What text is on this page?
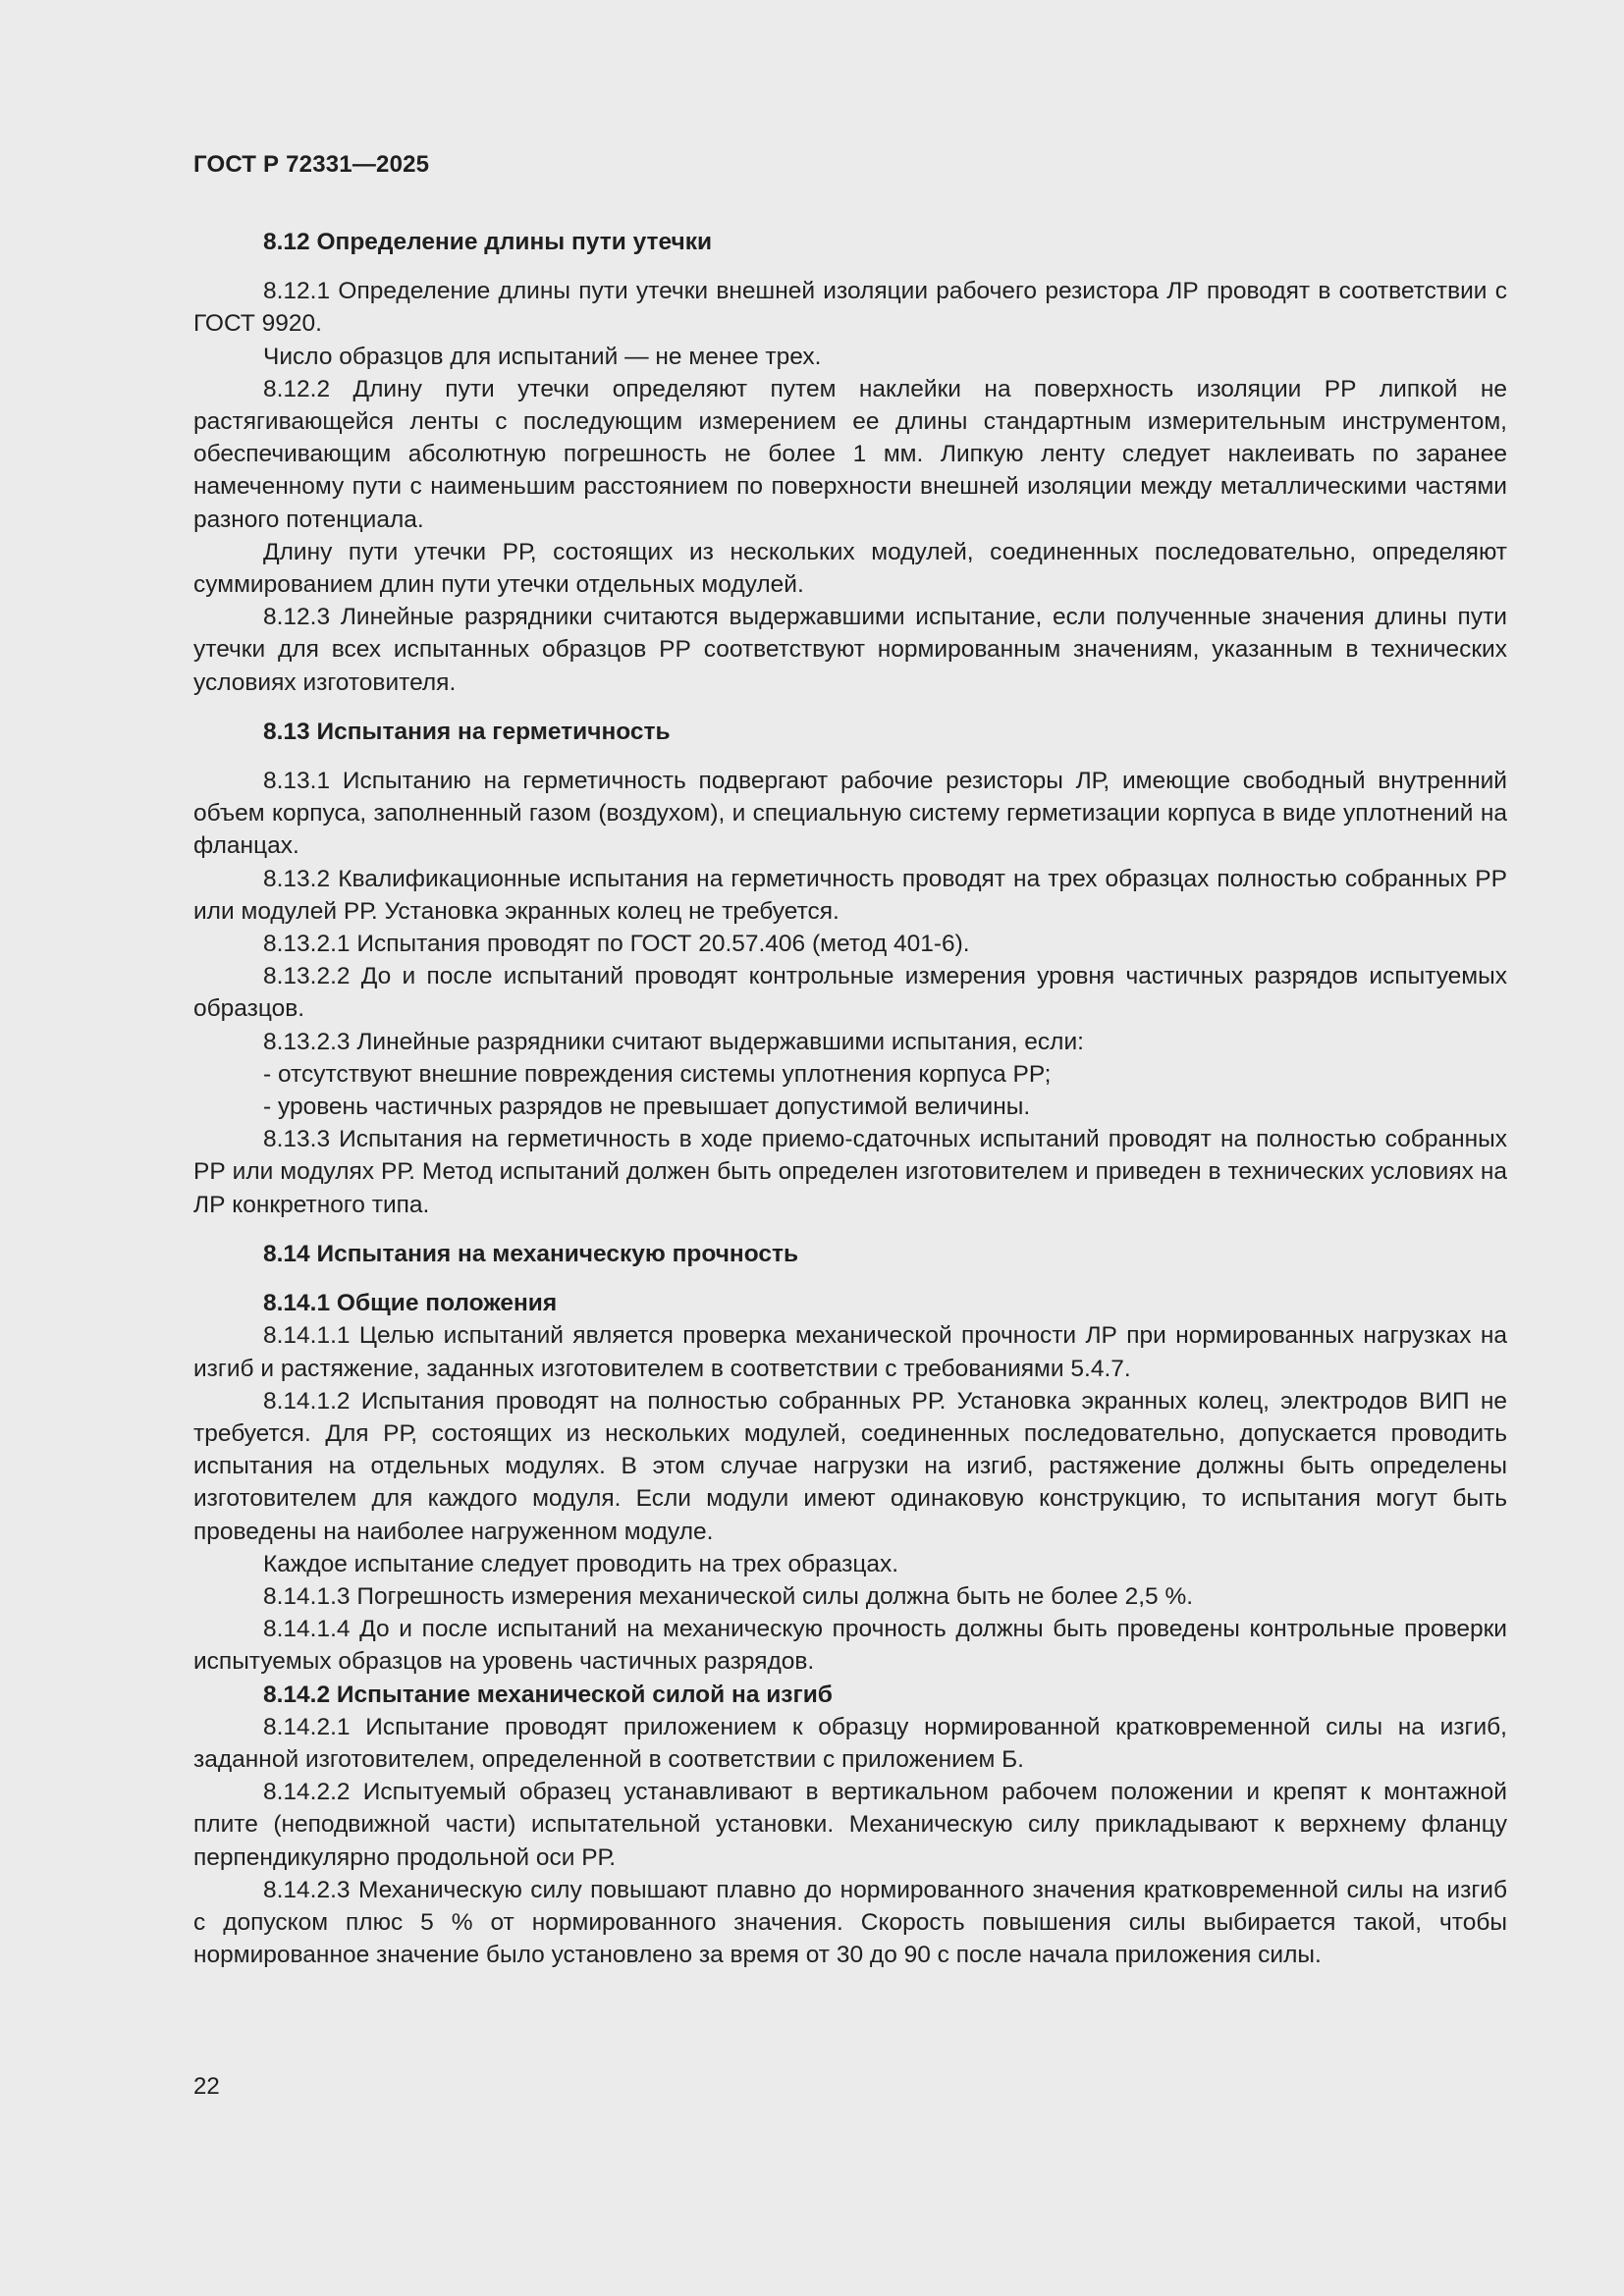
ГОСТ Р 72331—2025
8.12 Определение длины пути утечки

8.12.1 Определение длины пути утечки внешней изоляции рабочего резистора ЛР проводят в соответствии с ГОСТ 9920.

Число образцов для испытаний — не менее трех.

8.12.2 Длину пути утечки определяют путем наклейки на поверхность изоляции РР липкой не растягивающейся ленты с последующим измерением ее длины стандартным измерительным инструментом, обеспечивающим абсолютную погрешность не более 1 мм. Липкую ленту следует наклеивать по заранее намеченному пути с наименьшим расстоянием по поверхности внешней изоляции между металлическими частями разного потенциала.

Длину пути утечки РР, состоящих из нескольких модулей, соединенных последовательно, определяют суммированием длин пути утечки отдельных модулей.

8.12.3 Линейные разрядники считаются выдержавшими испытание, если полученные значения длины пути утечки для всех испытанных образцов РР соответствуют нормированным значениям, указанным в технических условиях изготовителя.

8.13 Испытания на герметичность

8.13.1 Испытанию на герметичность подвергают рабочие резисторы ЛР, имеющие свободный внутренний объем корпуса, заполненный газом (воздухом), и специальную систему герметизации корпуса в виде уплотнений на фланцах.

8.13.2 Квалификационные испытания на герметичность проводят на трех образцах полностью собранных РР или модулей РР. Установка экранных колец не требуется.

8.13.2.1 Испытания проводят по ГОСТ 20.57.406 (метод 401-6).

8.13.2.2 До и после испытаний проводят контрольные измерения уровня частичных разрядов испытуемых образцов.

8.13.2.3 Линейные разрядники считают выдержавшими испытания, если:

- отсутствуют внешние повреждения системы уплотнения корпуса РР;

- уровень частичных разрядов не превышает допустимой величины.

8.13.3 Испытания на герметичность в ходе приемо-сдаточных испытаний проводят на полностью собранных РР или модулях РР. Метод испытаний должен быть определен изготовителем и приведен в технических условиях на ЛР конкретного типа.

8.14 Испытания на механическую прочность
8.14.1 Общие положения

8.14.1.1 Целью испытаний является проверка механической прочности ЛР при нормированных нагрузках на изгиб и растяжение, заданных изготовителем в соответствии с требованиями 5.4.7.

8.14.1.2 Испытания проводят на полностью собранных РР. Установка экранных колец, электродов ВИП не требуется. Для РР, состоящих из нескольких модулей, соединенных последовательно, допускается проводить испытания на отдельных модулях. В этом случае нагрузки на изгиб, растяжение должны быть определены изготовителем для каждого модуля. Если модули имеют одинаковую конструкцию, то испытания могут быть проведены на наиболее нагруженном модуле.

Каждое испытание следует проводить на трех образцах.

8.14.1.3 Погрешность измерения механической силы должна быть не более 2,5 %.

8.14.1.4 До и после испытаний на механическую прочность должны быть проведены контрольные проверки испытуемых образцов на уровень частичных разрядов.

8.14.2 Испытание механической силой на изгиб

8.14.2.1 Испытание проводят приложением к образцу нормированной кратковременной силы на изгиб, заданной изготовителем, определенной в соответствии с приложением Б.

8.14.2.2 Испытуемый образец устанавливают в вертикальном рабочем положении и крепят к монтажной плите (неподвижной части) испытательной установки. Механическую силу прикладывают к верхнему фланцу перпендикулярно продольной оси РР.

8.14.2.3 Механическую силу повышают плавно до нормированного значения кратковременной силы на изгиб с допуском плюс 5 % от нормированного значения. Скорость повышения силы выбирается такой, чтобы нормированное значение было установлено за время от 30 до 90 с после начала приложения силы.

22
